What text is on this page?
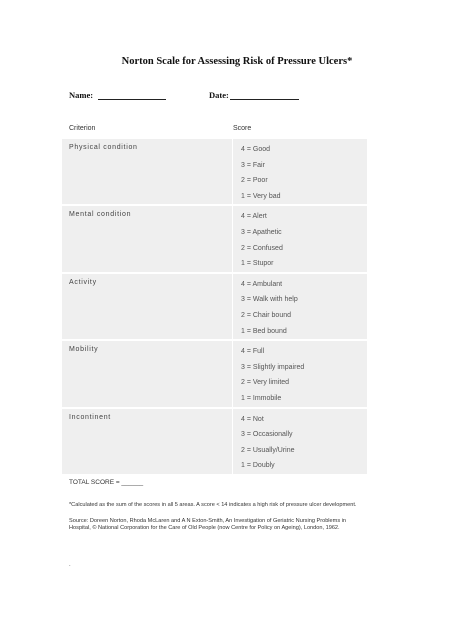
Norton Scale for Assessing Risk of Pressure Ulcers*
Name:	Date:
Criterion	Score
Physical condition	4 = Good
3 = Fair
2 = Poor
1 = Very bad

Mental condition	4 = Alert
3 = Apathetic
2 = Confused
1 = Stupor

Activity	4 = Ambulant
3 = Walk with help
2 = Chair bound
1 = Bed bound

Mobility	4 = Full
3 = Slightly impaired
2 = Very limited
1 = Immobile

Incontinent	4 = Not
3 = Occasionally
2 = Usually/Urine
1 = Doubly
TOTAL SCORE = ______
*Calculated as the sum of the scores in all 5 areas. A score < 14 indicates a high risk of pressure ulcer development.
Source: Doreen Norton, Rhoda McLaren and A N Exton-Smith, An Investigation of Geriatric Nursing Problems in Hospital, © National Corporation for the Care of Old People (now Centre for Policy on Ageing), London, 1962.
.
